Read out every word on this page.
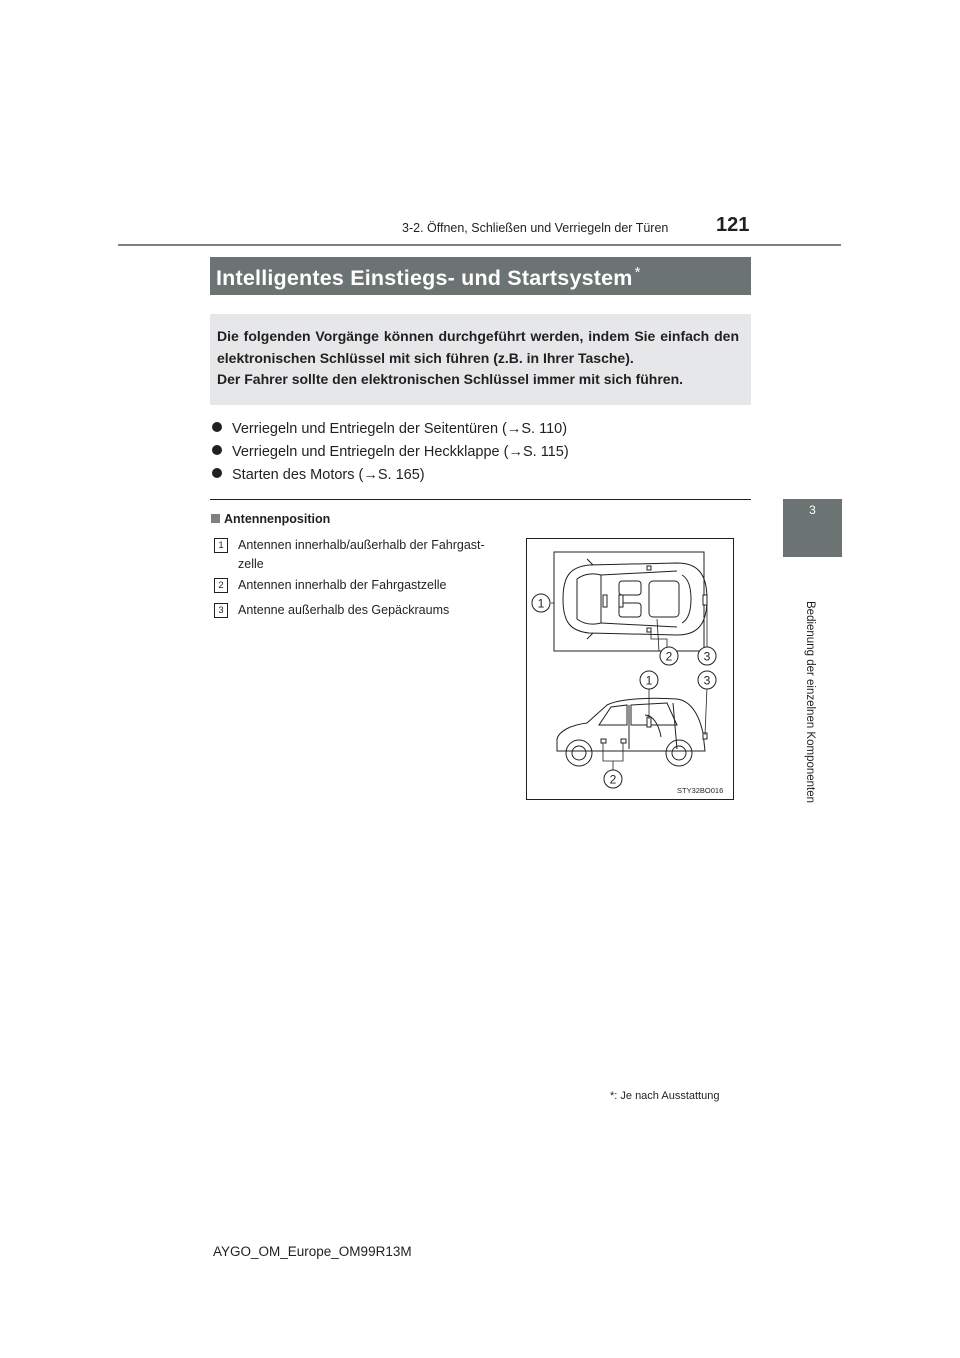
3-2. Öffnen, Schließen und Verriegeln der Türen 121
3
Bedienung der einzelnen Komponenten
Intelligentes Einstiegs- und Startsystem *

Die folgenden Vorgänge können durchgeführt werden, indem Sie einfach den elektronischen Schlüssel mit sich führen (z.B. in Ihrer Tasche).

Der Fahrer sollte den elektronischen Schlüssel immer mit sich führen.

Verriegeln und Entriegeln der Seitentüren (→S. 110)
Verriegeln und Entriegeln der Heckklappe (→S. 115)
Starten des Motors (→S. 165)
Antennenposition
1	Antennen innerhalb/außerhalb der Fahrgast-
zelle
2	Antennen innerhalb der Fahrgastzelle
3	Antenne außerhalb des Gepäckraums	1
2	3
1	3
2
STY32BO016
*: Je nach Ausstattung
AYGO_OM_Europe_OM99R13M
